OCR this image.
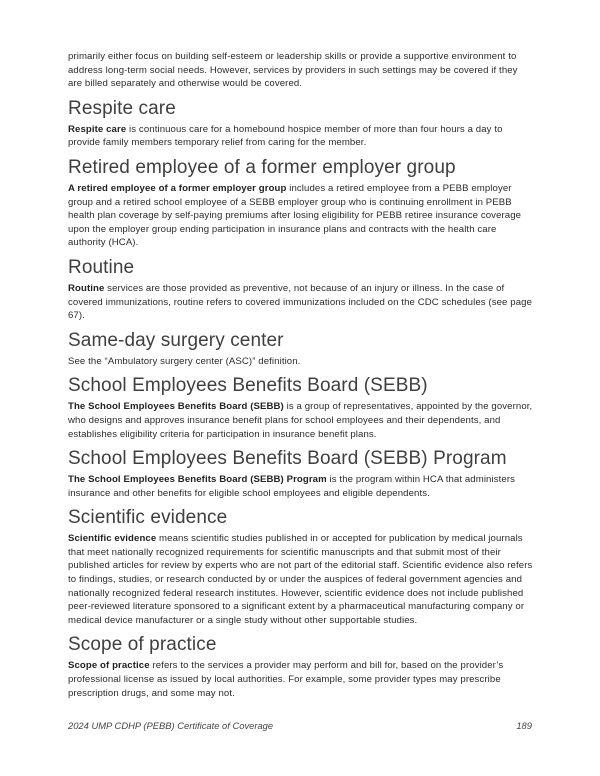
primarily either focus on building self-esteem or leadership skills or provide a supportive environment to address long-term social needs. However, services by providers in such settings may be covered if they are billed separately and otherwise would be covered.

Respite care

Respite care is continuous care for a homebound hospice member of more than four hours a day to provide family members temporary relief from caring for the member.

Retired employee of a former employer group

A retired employee of a former employer group includes a retired employee from a PEBB employer group and a retired school employee of a SEBB employer group who is continuing enrollment in PEBB health plan coverage by self-paying premiums after losing eligibility for PEBB retiree insurance coverage upon the employer group ending participation in insurance plans and contracts with the health care authority (HCA).

Routine

Routine services are those provided as preventive, not because of an injury or illness. In the case of covered immunizations, routine refers to covered immunizations included on the CDC schedules (see page 67).

Same-day surgery center

See the “Ambulatory surgery center (ASC)” definition.

School Employees Benefits Board (SEBB)

The School Employees Benefits Board (SEBB) is a group of representatives, appointed by the governor, who designs and approves insurance benefit plans for school employees and their dependents, and establishes eligibility criteria for participation in insurance benefit plans.

School Employees Benefits Board (SEBB) Program

The School Employees Benefits Board (SEBB) Program is the program within HCA that administers insurance and other benefits for eligible school employees and eligible dependents.

Scientific evidence

Scientific evidence means scientific studies published in or accepted for publication by medical journals that meet nationally recognized requirements for scientific manuscripts and that submit most of their published articles for review by experts who are not part of the editorial staff. Scientific evidence also refers to findings, studies, or research conducted by or under the auspices of federal government agencies and nationally recognized federal research institutes. However, scientific evidence does not include published peer-reviewed literature sponsored to a significant extent by a pharmaceutical manufacturing company or medical device manufacturer or a single study without other supportable studies.

Scope of practice

Scope of practice refers to the services a provider may perform and bill for, based on the provider’s professional license as issued by local authorities. For example, some provider types may prescribe prescription drugs, and some may not.

2024 UMP CDHP (PEBB) Certificate of Coverage	189
